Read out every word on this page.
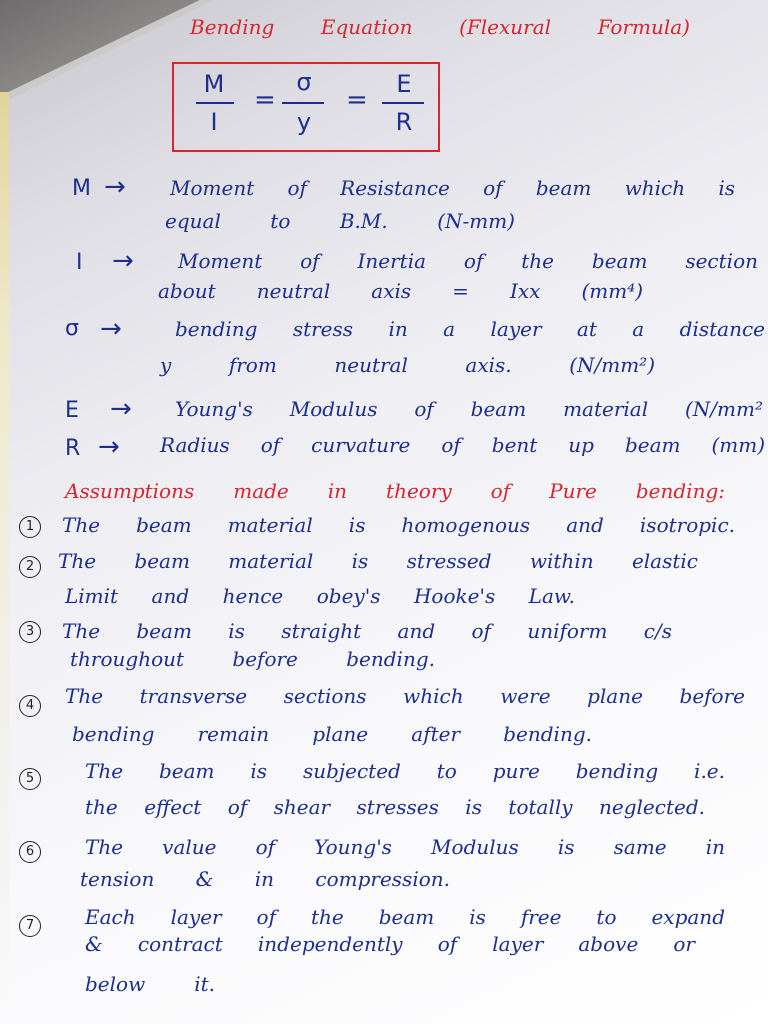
Bending Equation (Flexural Formula)
M
I
=
σ
y
=
E
R
M → Moment of Resistance of beam which is
equal to B.M. (N-mm)
I → Moment of Inertia of the beam section
about neutral axis = Ixx (mm⁴)
σ →	bending stress in a layer at a distance
y from neutral axis. (N/mm²)
E → Young's Modulus of beam material (N/mm²
R → Radius of curvature of bent up beam (mm)
Assumptions made in theory of Pure bending:
1	The beam material is homogenous and isotropic.
2	The beam material is stressed within elastic
Limit and hence obey's Hooke's Law.
3	The beam is straight and of uniform c/s
throughout before bending.
4	The transverse sections which were plane before
bending remain plane after bending.
5	The beam is subjected to pure bending i.e.
the effect of shear stresses is totally neglected.
6	The value of Young's Modulus is same in
tension & in compression.
7	Each layer of the beam is free to expand
& contract independently of layer above or
below it.
